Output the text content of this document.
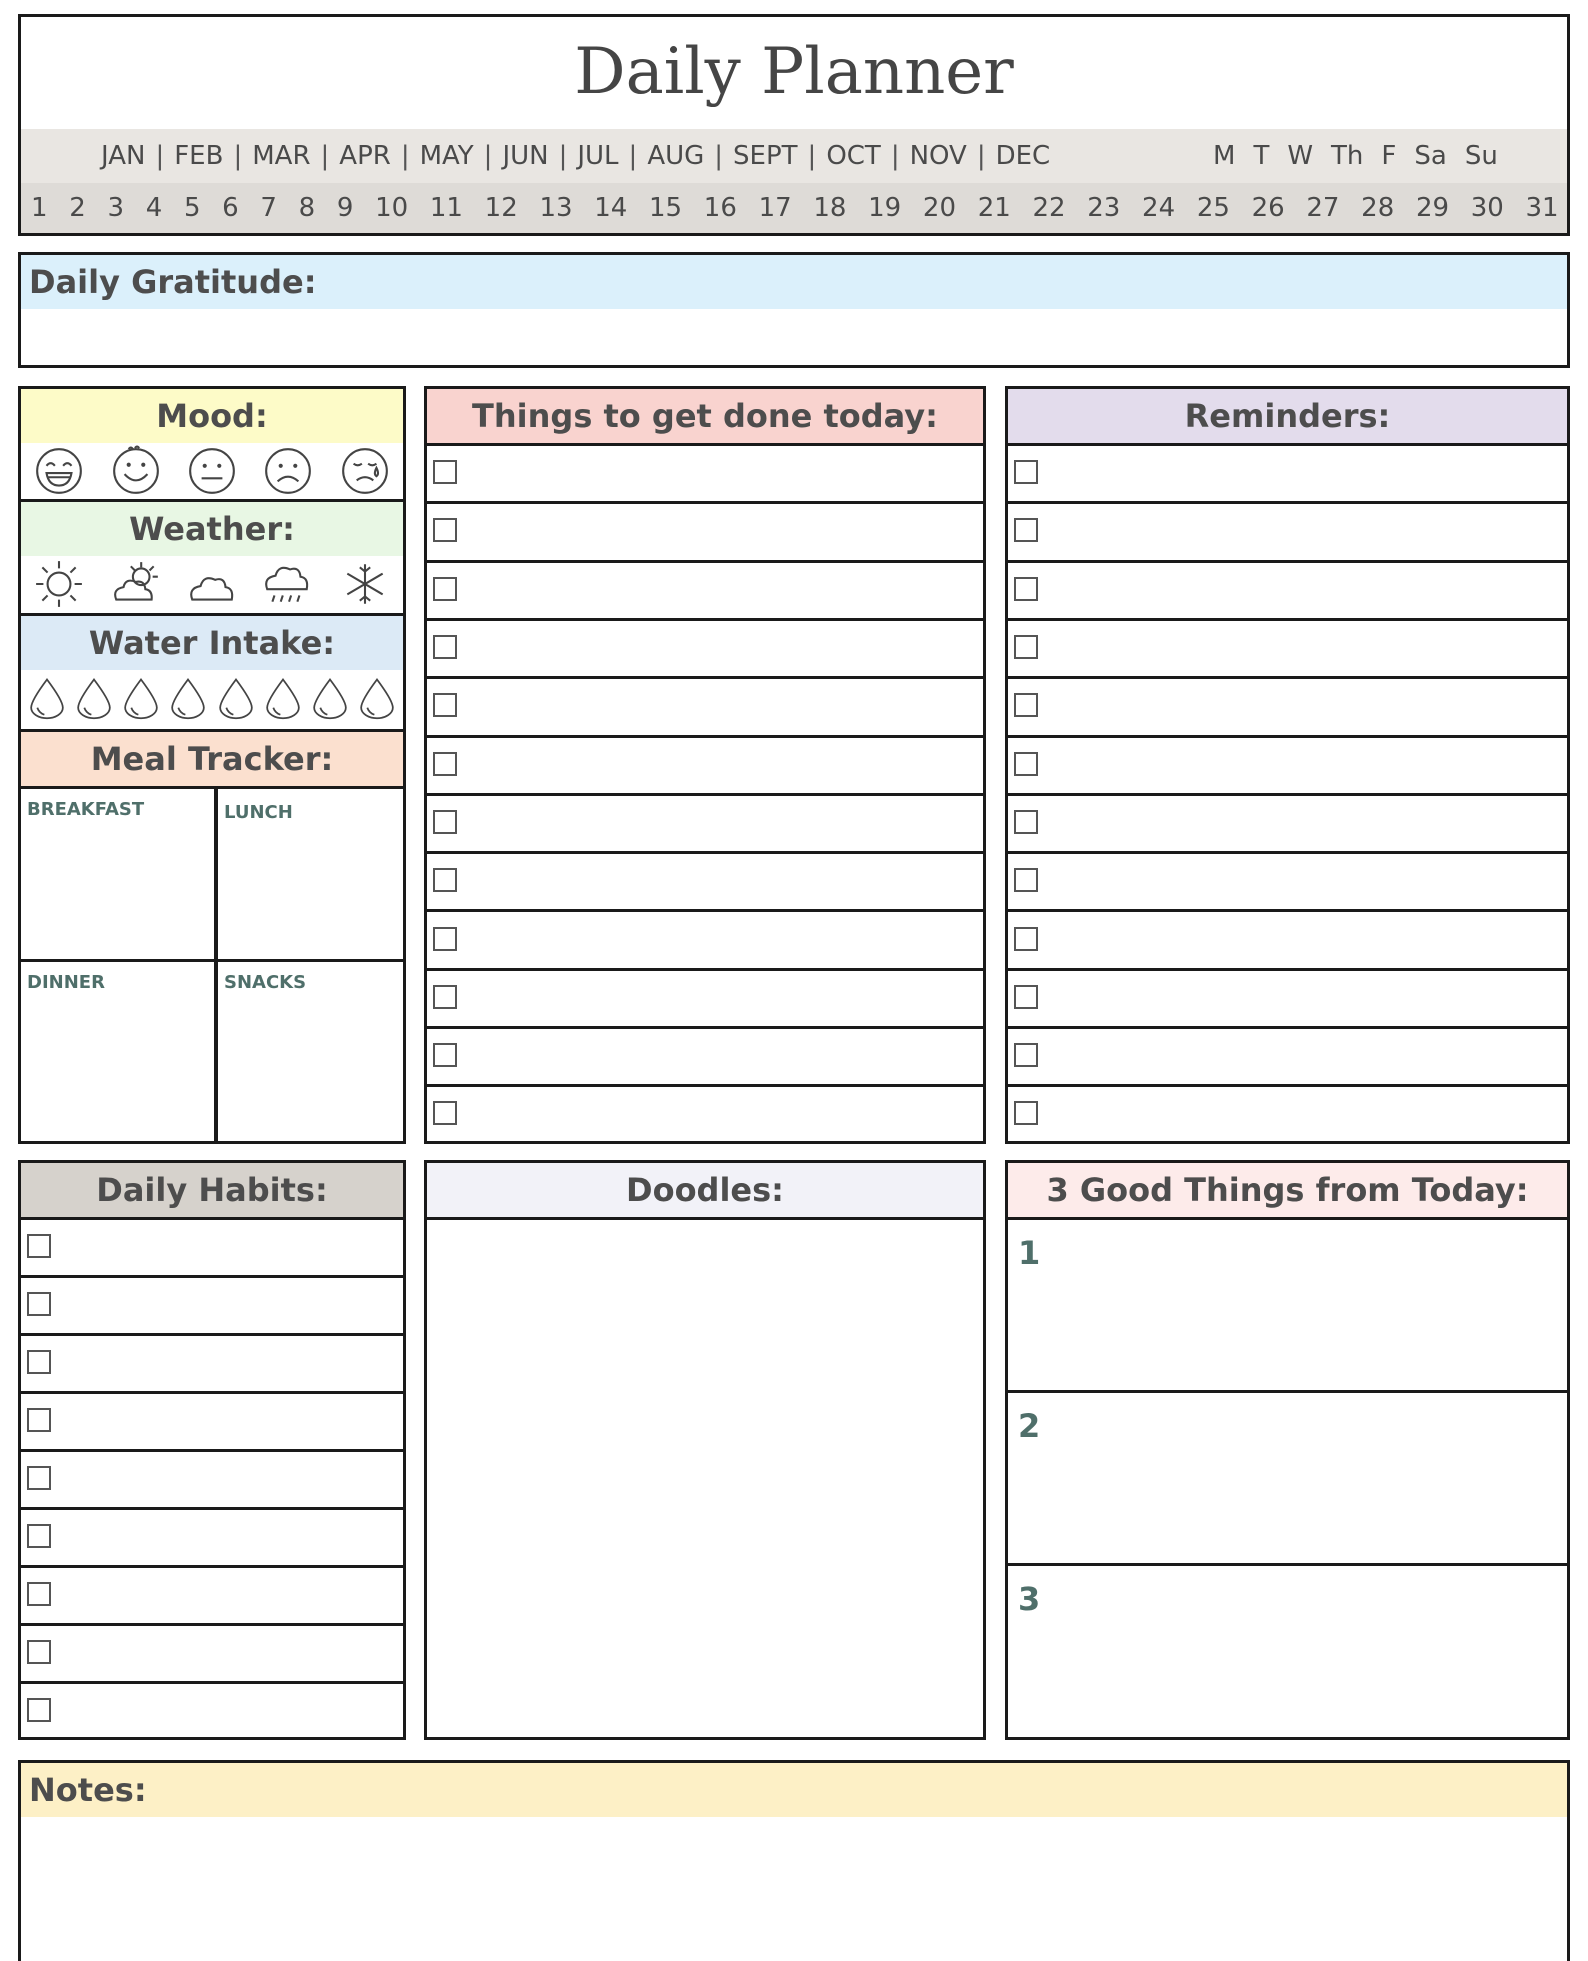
Daily Planner
JAN | FEB | MAR | APR | MAY | JUN | JUL | AUG | SEPT | OCT | NOV | DEC	M T W Th F Sa Su
1 2 3 4 5 6 7 8 9 10 11 12 13 14 15 16 17 18 19 20 21 22 23 24 25 26 27 28 29 30 31
Daily Gratitude:
Mood:
Weather:
Water Intake:
Meal Tracker:
BREAKFAST	LUNCH
DINNER	SNACKS
Things to get done today:	Reminders:
Daily Habits:	Doodles:	3 Good Things from Today:
1
2
3
Notes:
